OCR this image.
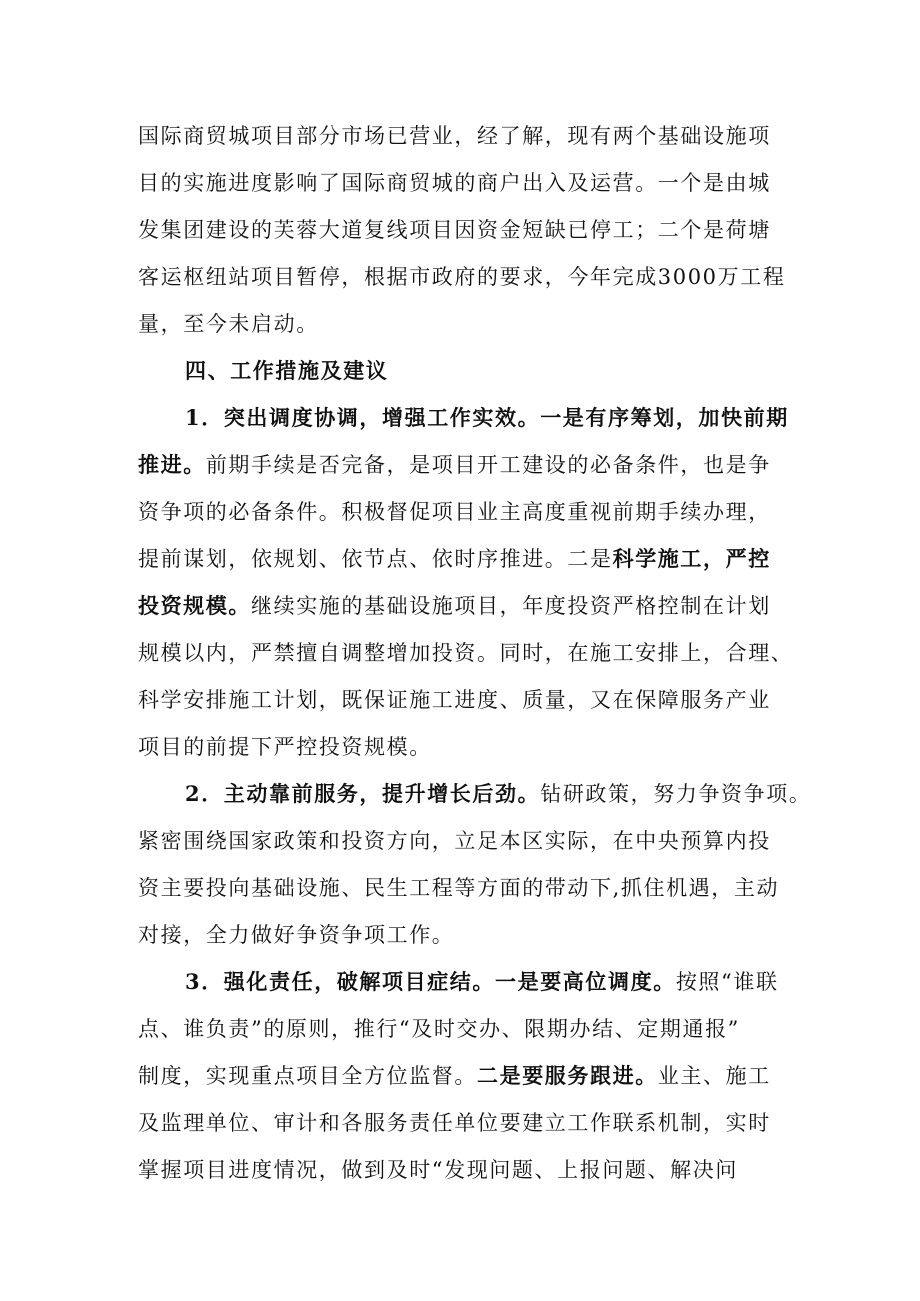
国际商贸城项目部分市场已营业，经了解，现有两个基础设施项
目的实施进度影响了国际商贸城的商户出入及运营。一个是由城
发集团建设的芙蓉大道复线项目因资金短缺已停工；二个是荷塘
客运枢纽站项目暂停，根据市政府的要求，今年完成3000万工程
量，至今未启动。
四、工作措施及建议
1．突出调度协调，增强工作实效。一是有序筹划，加快前期
推进。前期手续是否完备，是项目开工建设的必备条件，也是争
资争项的必备条件。积极督促项目业主高度重视前期手续办理，
提前谋划，依规划、依节点、依时序推进。二是科学施工，严控
投资规模。继续实施的基础设施项目，年度投资严格控制在计划
规模以内，严禁擅自调整增加投资。同时，在施工安排上，合理、
科学安排施工计划，既保证施工进度、质量，又在保障服务产业
项目的前提下严控投资规模。
2．主动靠前服务，提升增长后劲。钻研政策，努力争资争项。
紧密围绕国家政策和投资方向，立足本区实际，在中央预算内投
资主要投向基础设施、民生工程等方面的带动下,抓住机遇，主动
对接，全力做好争资争项工作。
3．强化责任，破解项目症结。一是要高位调度。按照“谁联
点、谁负责”的原则，推行“及时交办、限期办结、定期通报”
制度，实现重点项目全方位监督。二是要服务跟进。业主、施工
及监理单位、审计和各服务责任单位要建立工作联系机制，实时
掌握项目进度情况，做到及时“发现问题、上报问题、解决问
